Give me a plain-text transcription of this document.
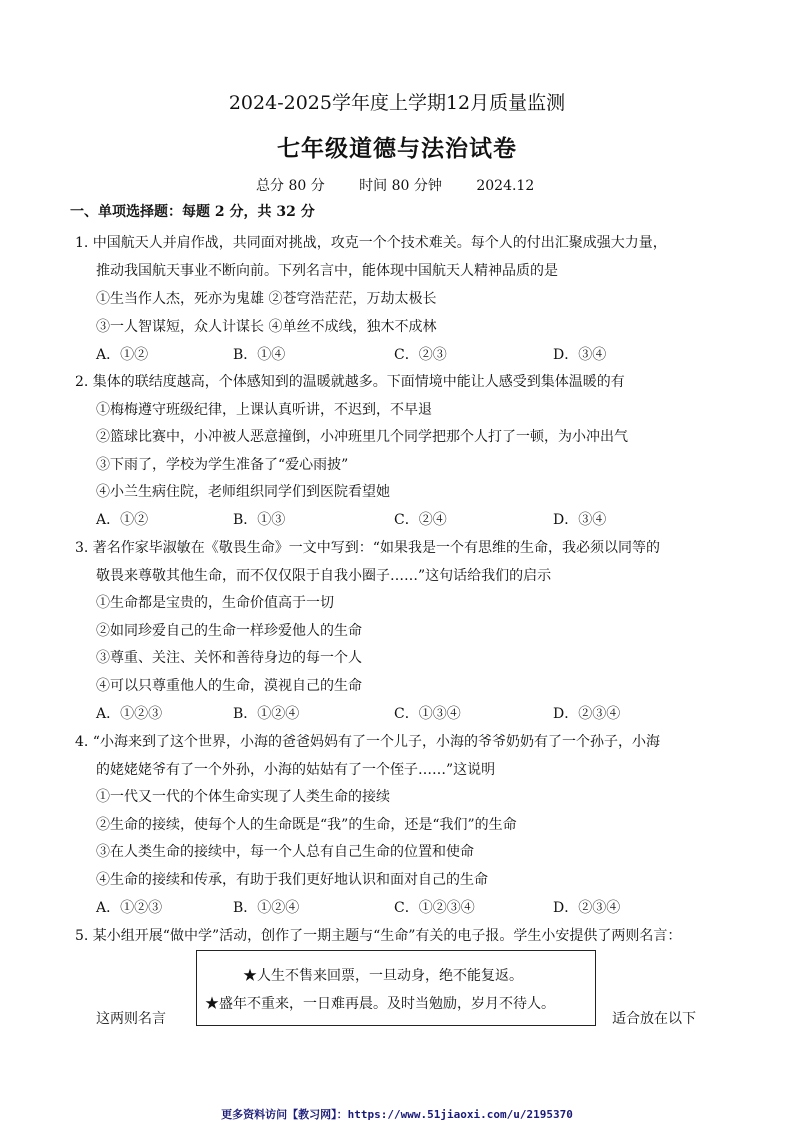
2024-2025学年度上学期12月质量监测
七年级道德与法治试卷
总分 80 分 时间 80 分钟 2024.12
一、单项选择题：每题 2 分，共 32 分
1. 中国航天人并肩作战，共同面对挑战，攻克一个个技术难关。每个人的付出汇聚成强大力量，
推动我国航天事业不断向前。下列名言中，能体现中国航天人精神品质的是
①生当作人杰，死亦为鬼雄 ②苍穹浩茫茫，万劫太极长
③一人智谋短，众人计谋长 ④单丝不成线，独木不成林
A．①②	B．①④	C．②③	D．③④
2. 集体的联结度越高，个体感知到的温暖就越多。下面情境中能让人感受到集体温暖的有
①梅梅遵守班级纪律，上课认真听讲，不迟到，不早退
②篮球比赛中，小冲被人恶意撞倒，小冲班里几个同学把那个人打了一顿，为小冲出气
③下雨了，学校为学生准备了“爱心雨披”
④小兰生病住院，老师组织同学们到医院看望她
A．①②	B．①③	C．②④	D．③④
3. 著名作家毕淑敏在《敬畏生命》一文中写到：“如果我是一个有思维的生命，我必须以同等的
敬畏来尊敬其他生命，而不仅仅限于自我小圈子……”这句话给我们的启示
①生命都是宝贵的，生命价值高于一切
②如同珍爱自己的生命一样珍爱他人的生命
③尊重、关注、关怀和善待身边的每一个人
④可以只尊重他人的生命，漠视自己的生命
A．①②③	B．①②④	C．①③④	D．②③④
4. “小海来到了这个世界，小海的爸爸妈妈有了一个儿子，小海的爷爷奶奶有了一个孙子，小海
的姥姥姥爷有了一个外孙，小海的姑姑有了一个侄子……”这说明
①一代又一代的个体生命实现了人类生命的接续
②生命的接续，使每个人的生命既是“我”的生命，还是“我们”的生命
③在人类生命的接续中，每一个人总有自己生命的位置和使命
④生命的接续和传承，有助于我们更好地认识和面对自己的生命
A．①②③	B．①②④	C．①②③④	D．②③④
5. 某小组开展“做中学”活动，创作了一期主题与“生命”有关的电子报。学生小安提供了两则名言：
★人生不售来回票，一旦动身，绝不能复返。
★盛年不重来，一日难再晨。及时当勉励，岁月不待人。
这两则名言	适合放在以下
更多资料访问【教习网】：https://www.51jiaoxi.com/u/2195370
